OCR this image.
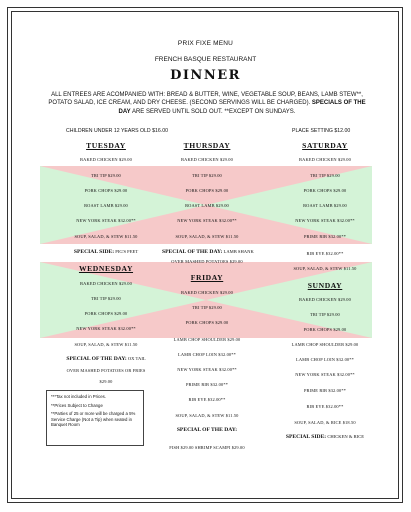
PRIX FIXE MENU
FRENCH BASQUE RESTAURANT
DINNER
ALL ENTREES ARE ACOMPANIED WITH: BREAD & BUTTER, WINE, VEGETABLE SOUP, BEANS, LAMB STEW**, POTATO SALAD, ICE CREAM, AND DRY CHEESE. (SECOND SERVINGS WILL BE CHARGED). SPECIALS OF THE DAY ARE SERVED UNTIL SOLD OUT. **EXCEPT ON SUNDAYS.
CHILDREN UNDER 12 YEARS OLD $16.00	PLACE SETTING $12.00
TUESDAY
BAKED CHICKEN $29.00
TRI TIP $29.00
PORK CHOPS $29.00
ROAST LAMB $29.00
NEW YORK STEAK $32.00**
SOUP, SALAD, & STEW $11.50
SPECIAL SIDE: PIG'S FEET
THURSDAY
BAKED CHICKEN $29.00
TRI TIP $29.00
PORK CHOPS $29.00
ROAST LAMB $29.00
NEW YORK STEAK $32.00**
SOUP, SALAD, & STEW $11.50
SPECIAL OF THE DAY: LAMB SHANK
OVER MASHED POTATOES $29.00
SATURDAY
BAKED CHICKEN $29.00
TRI TIP $29.00
PORK CHOPS $29.00
ROAST LAMB $29.00
NEW YORK STEAK $32.00**
PRIME RIB $32.00**
RIB EYE $32.00**
SOUP, SALAD, & STEW $11.50
WEDNESDAY
BAKED CHICKEN $29.00
TRI TIP $29.00
PORK CHOPS $29.00
NEW YORK STEAK $32.00**
SOUP, SALAD, & STEW $11.50
SPECIAL OF THE DAY: OX TAIL
OVER MASHED POTATOES OR FRIES
$29.00
FRIDAY
BAKED CHICKEN $29.00
TRI TIP $29.00
PORK CHOPS $29.00
LAMB CHOP SHOULDER $29.00
LAMB CHOP LOIN $32.00**
NEW YORK STEAK $32.00**
PRIME RIB $32.00**
RIB EYE $32.00**
SOUP, SALAD, & STEW $11.50
SPECIAL OF THE DAY:
FISH $29.00 SHRIMP SCAMPI $29.00
SUNDAY
BAKED CHICKEN $29.00
TRI TIP $29.00
PORK CHOPS $29.00
LAMB CHOP SHOULDER $29.00
LAMB CHOP LOIN $32.00**
NEW YORK STEAK $32.00**
PRIME RIB $32.00**
RIB EYE $32.00**
SOUP, SALAD, & RICE $18.50
SPECIAL SIDE: CHICKEN & RICE

***Tax not included in Prices.

**Prices Subject to Change

**Parties of 25 or more will be charged a 5% Service Charge (Not a Tip) when seated in Banquet Room
